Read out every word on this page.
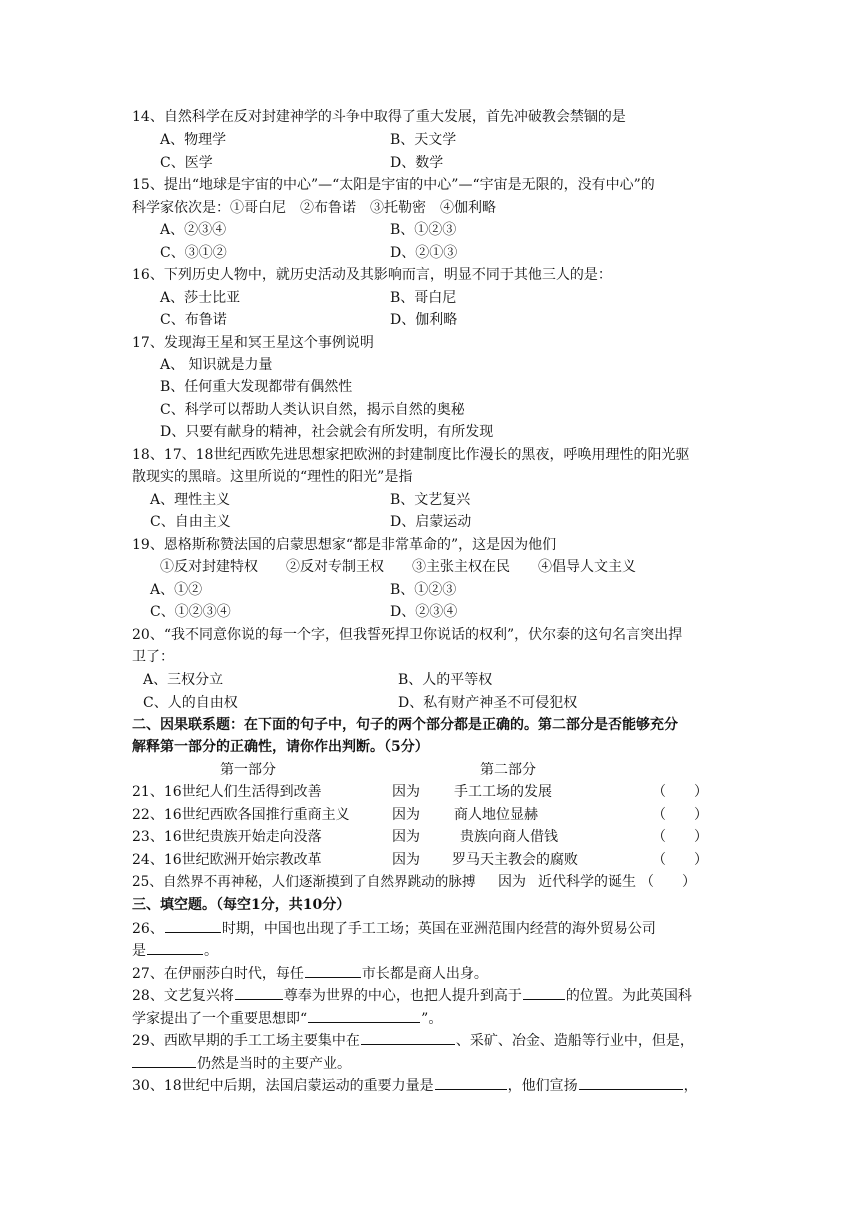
14、自然科学在反对封建神学的斗争中取得了重大发展，首先冲破教会禁锢的是
A、物理学	B、天文学
C、医学	D、数学
15、提出“地球是宇宙的中心”—“太阳是宇宙的中心”—“宇宙是无限的，没有中心”的
科学家依次是：①哥白尼　②布鲁诺　③托勒密　④伽利略
A、②③④	B、①②③
C、③①②	D、②①③
16、下列历史人物中，就历史活动及其影响而言，明显不同于其他三人的是：
A、莎士比亚	B、哥白尼
C、布鲁诺	D、伽利略
17、发现海王星和冥王星这个事例说明
A、 知识就是力量
B、任何重大发现都带有偶然性
C、科学可以帮助人类认识自然，揭示自然的奥秘
D、只要有献身的精神，社会就会有所发明，有所发现
18、17、18世纪西欧先进思想家把欧洲的封建制度比作漫长的黑夜，呼唤用理性的阳光驱
散现实的黑暗。这里所说的“理性的阳光”是指
A、理性主义	B、文艺复兴
C、自由主义	D、启蒙运动
19、恩格斯称赞法国的启蒙思想家“都是非常革命的”，这是因为他们
①反对封建特权　　②反对专制王权　　③主张主权在民　　④倡导人文主义
A、①②	B、①②③
C、①②③④	D、②③④
20、“我不同意你说的每一个字，但我誓死捍卫你说话的权利”，伏尔泰的这句名言突出捍
卫了：
A、三权分立	B、人的平等权
C、人的自由权	D、私有财产神圣不可侵犯权
二、因果联系题：在下面的句子中，句子的两个部分都是正确的。第二部分是否能够充分
解释第一部分的正确性，请你作出判断。（5分）
第一部分	第二部分
21、16世纪人们生活得到改善	因为 手工工场的发展	（　　）
22、16世纪西欧各国推行重商主义	因为 商人地位显赫	（　　）
23、16世纪贵族开始走向没落	因为	贵族向商人借钱	（　　）
24、16世纪欧洲开始宗教改革	因为 罗马天主教会的腐败	（　　）
25、自然界不再神秘，人们逐渐摸到了自然界跳动的脉搏 因为 近代科学的诞生 （　　）
三、填空题。（每空1分，共10分）
26、	时期，中国也出现了手工工场；英国在亚洲范围内经营的海外贸易公司
是	。
27、在伊丽莎白时代，每任	市长都是商人出身。
28、文艺复兴将	尊奉为世界的中心，也把人提升到高于	的位置。为此英国科
学家提出了一个重要思想即“	”。
29、西欧早期的手工工场主要集中在	、采矿、冶金、造船等行业中，但是，
仍然是当时的主要产业。
30、18世纪中后期，法国启蒙运动的重要力量是	，他们宣扬	，
